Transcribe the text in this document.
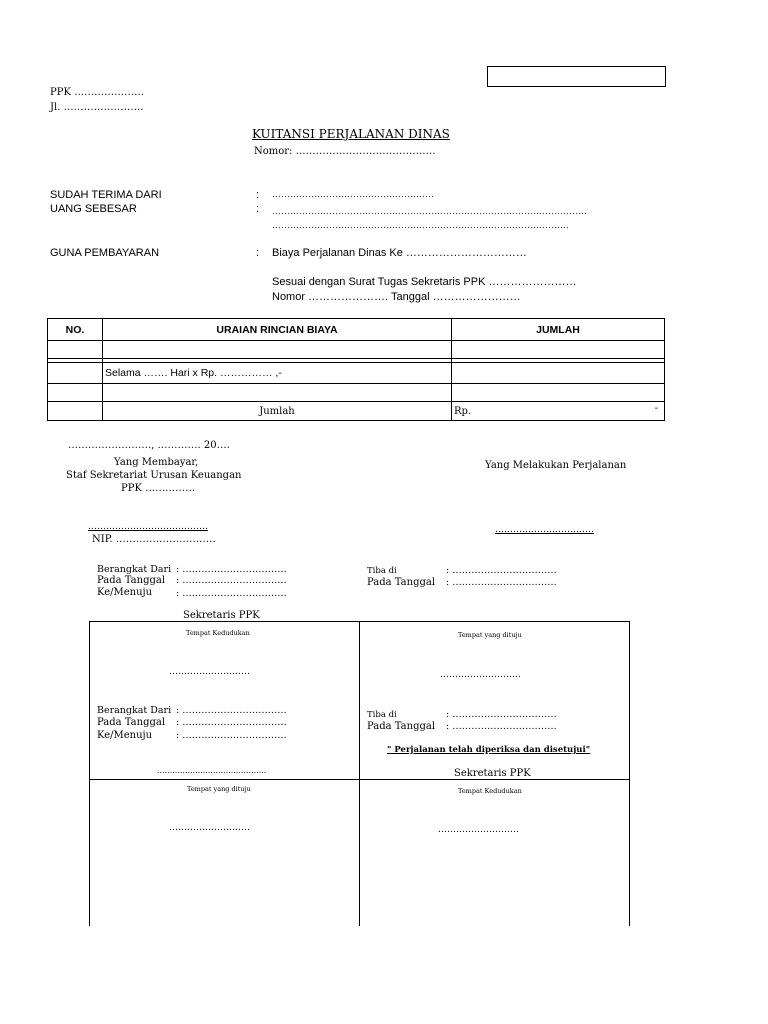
PPK …………………
Jl. ……………………
KUITANSI PERJALANAN DINAS
Nomor: ……………………………………
SUDAH TERIMA DARI	: ………………………………………………
UANG SEBESAR	: ……………………………………………………………………………………………
………………………………………………………………………………………
GUNA PEMBAYARAN	: Biaya Perjalanan Dinas Ke ……………………………
Sesuai dengan Surat Tugas Sekretaris PPK ……………………
Nomor …………………. Tanggal ……………………
NO.	URAIAN RINCIAN BIAYA	JUMLAH

	Selama ……. Hari x Rp. …………… ,-	

	Jumlah	Rp. -
……………………., …………. 20….
Yang Membayar,
Staf Sekretariat Urusan Keuangan
PPK ……………
Yang Melakukan Perjalanan
………………………………….
NIP. …………………………
……………………………
Berangkat Dari : ……………………………
Pada Tanggal : ……………………………
Ke/Menuju	: ……………………………
Tiba di	: ……………………………
Pada Tanggal : ……………………………
Sekretaris PPK
Tempat Kedudukan
………………………
Berangkat Dari : ……………………………
Pada Tanggal : ……………………………
Ke/Menuju	: ……………………………
...........................................
Tempat yang dituju
………………………
Tiba di	: ……………………………
Pada Tanggal : ……………………………
" Perjalanan telah diperiksa dan disetujui"
Sekretaris PPK
Tempat yang dituju
………………………
Tempat Kedudukan
………………………
